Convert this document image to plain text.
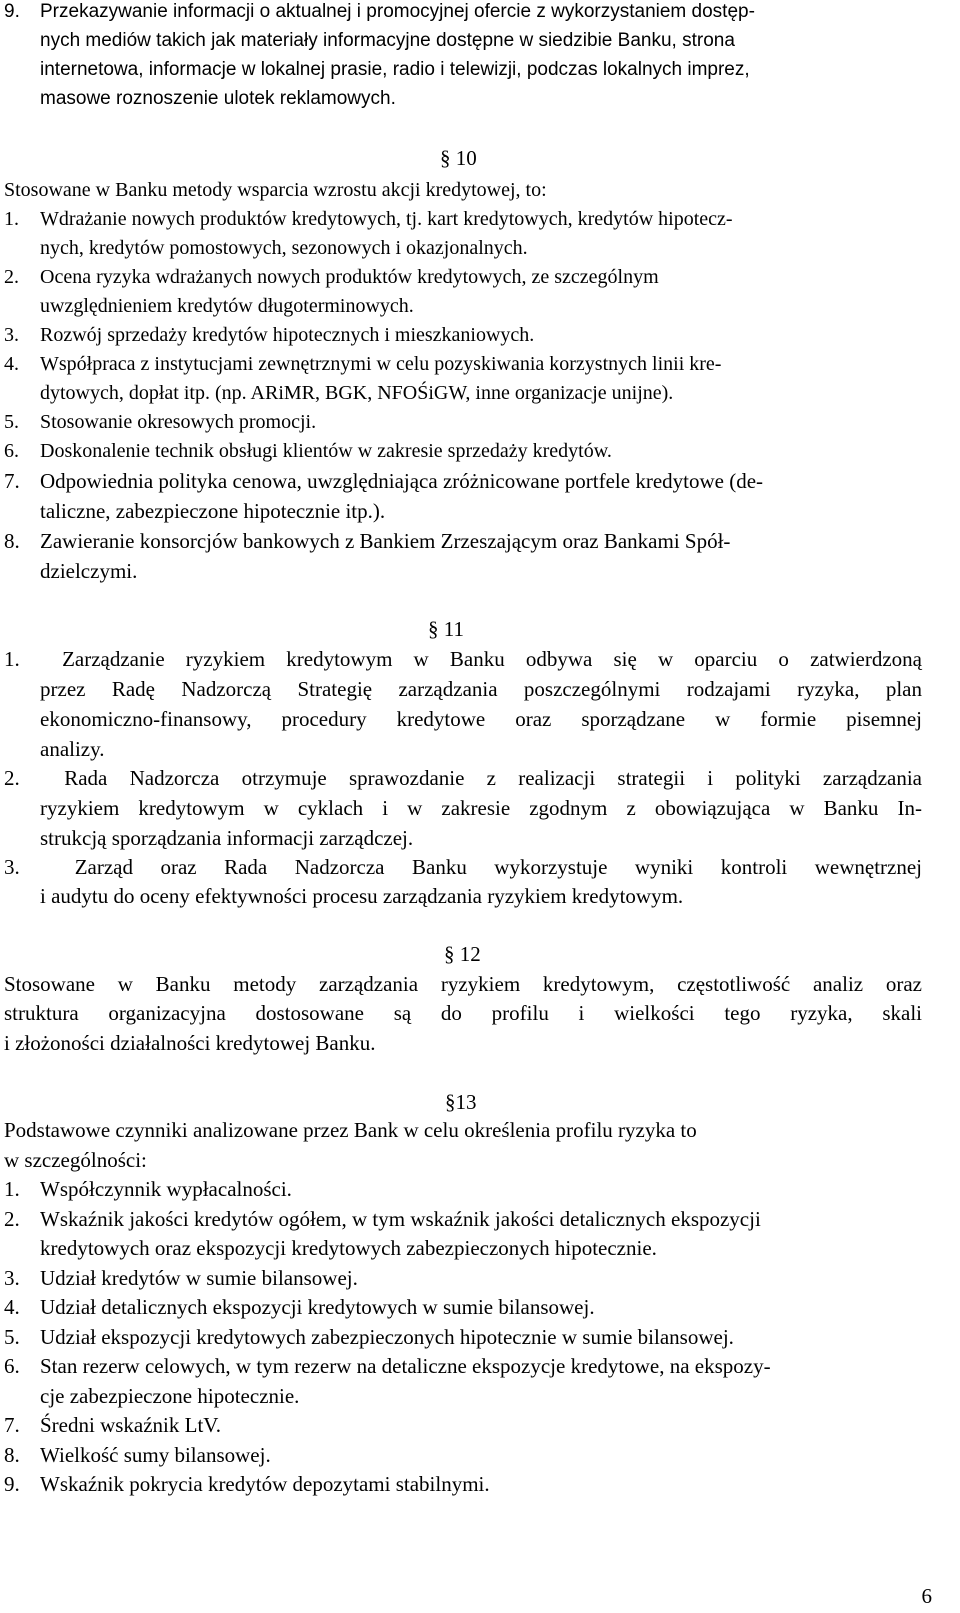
9. Przekazywanie informacji o aktualnej i promocyjnej ofercie z wykorzystaniem dostęp-
nych mediów takich jak materiały informacyjne dostępne w siedzibie Banku, strona
internetowa, informacje w lokalnej prasie, radio i telewizji, podczas lokalnych imprez,
masowe roznoszenie ulotek reklamowych.
§ 10
Stosowane w Banku metody wsparcia wzrostu akcji kredytowej, to:
1. Wdrażanie nowych produktów kredytowych, tj. kart kredytowych, kredytów hipotecz-
nych, kredytów pomostowych, sezonowych i okazjonalnych.
2. Ocena ryzyka wdrażanych nowych produktów kredytowych, ze szczególnym
uwzględnieniem kredytów długoterminowych.
3. Rozwój sprzedaży kredytów hipotecznych i mieszkaniowych.
4. Współpraca z instytucjami zewnętrznymi w celu pozyskiwania korzystnych linii kre-
dytowych, dopłat itp. (np. ARiMR, BGK, NFOŚiGW, inne organizacje unijne).
5. Stosowanie okresowych promocji.
6. Doskonalenie technik obsługi klientów w zakresie sprzedaży kredytów.
7. Odpowiednia polityka cenowa, uwzględniająca zróżnicowane portfele kredytowe (de-
taliczne, zabezpieczone hipotecznie itp.).
8. Zawieranie konsorcjów bankowych z Bankiem Zrzeszającym oraz Bankami Spół-
dzielczymi.
§ 11
1. Zarządzanie ryzykiem kredytowym w Banku odbywa się w oparciu o zatwierdzoną
przez Radę Nadzorczą Strategię zarządzania poszczególnymi rodzajami ryzyka, plan
ekonomiczno-finansowy, procedury kredytowe oraz sporządzane w formie pisemnej
analizy.
2. Rada Nadzorcza otrzymuje sprawozdanie z realizacji strategii i polityki zarządzania
ryzykiem kredytowym w cyklach i w zakresie zgodnym z obowiązująca w Banku In-
strukcją sporządzania informacji zarządczej.
3.	Zarząd oraz Rada Nadzorcza Banku wykorzystuje wyniki kontroli wewnętrznej
i audytu do oceny efektywności procesu zarządzania ryzykiem kredytowym.
§ 12
Stosowane w Banku metody zarządzania ryzykiem kredytowym, częstotliwość analiz oraz
struktura organizacyjna dostosowane są do profilu i wielkości tego ryzyka, skali
i złożoności działalności kredytowej Banku.
§13
Podstawowe czynniki analizowane przez Bank w celu określenia profilu ryzyka to
w szczególności:
1. Współczynnik wypłacalności.
2. Wskaźnik jakości kredytów ogółem, w tym wskaźnik jakości detalicznych ekspozycji
kredytowych oraz ekspozycji kredytowych zabezpieczonych hipotecznie.
3. Udział kredytów w sumie bilansowej.
4. Udział detalicznych ekspozycji kredytowych w sumie bilansowej.
5. Udział ekspozycji kredytowych zabezpieczonych hipotecznie w sumie bilansowej.
6. Stan rezerw celowych, w tym rezerw na detaliczne ekspozycje kredytowe, na ekspozy-
cje zabezpieczone hipotecznie.
7. Średni wskaźnik LtV.
8. Wielkość sumy bilansowej.
9. Wskaźnik pokrycia kredytów depozytami stabilnymi.
6
